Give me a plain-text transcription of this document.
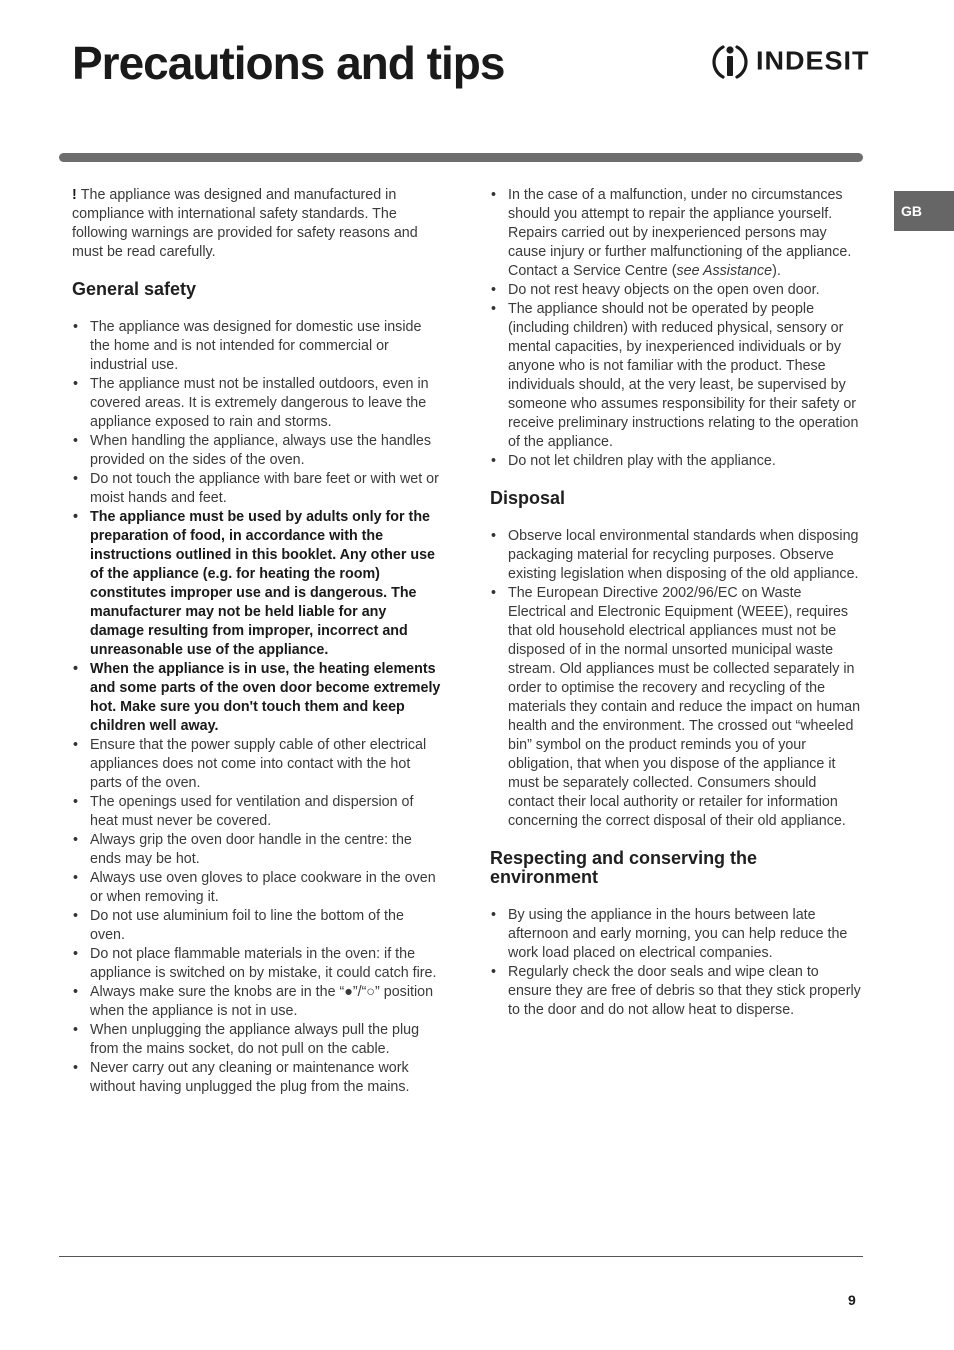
Precautions and tips	INDESIT
GB

! The appliance was designed and manufactured in compliance with international safety standards. The following warnings are provided for safety reasons and must be read carefully.

General safety
• The appliance was designed for domestic use inside the home and is not intended for commercial or industrial use.
• The appliance must not be installed outdoors, even in covered areas. It is extremely dangerous to leave the appliance exposed to rain and storms.
• When handling the appliance, always use the handles provided on the sides of the oven.
• Do not touch the appliance with bare feet or with wet or moist hands and feet.
• The appliance must be used by adults only for the preparation of food, in accordance with the instructions outlined in this booklet. Any other use of the appliance (e.g. for heating the room) constitutes improper use and is dangerous. The manufacturer may not be held liable for any damage resulting from improper, incorrect and unreasonable use of the appliance.
• When the appliance is in use, the heating elements and some parts of the oven door become extremely hot. Make sure you don't touch them and keep children well away.
• Ensure that the power supply cable of other electrical appliances does not come into contact with the hot parts of the oven.
• The openings used for ventilation and dispersion of heat must never be covered.
• Always grip the oven door handle in the centre: the ends may be hot.
• Always use oven gloves to place cookware in the oven or when removing it.
• Do not use aluminium foil to line the bottom of the oven.
• Do not place flammable materials in the oven: if the appliance is switched on by mistake, it could catch fire.
• Always make sure the knobs are in the “●”/“○” position when the appliance is not in use.
• When unplugging the appliance always pull the plug from the mains socket, do not pull on the cable.
• Never carry out any cleaning or maintenance work without having unplugged the plug from the mains.
• In the case of a malfunction, under no circumstances should you attempt to repair the appliance yourself. Repairs carried out by inexperienced persons may cause injury or further malfunctioning of the appliance. Contact a Service Centre (see Assistance).
• Do not rest heavy objects on the open oven door.
• The appliance should not be operated by people (including children) with reduced physical, sensory or mental capacities, by inexperienced individuals or by anyone who is not familiar with the product. These individuals should, at the very least, be supervised by someone who assumes responsibility for their safety or receive preliminary instructions relating to the operation of the appliance.
• Do not let children play with the appliance.
Disposal
• Observe local environmental standards when disposing packaging material for recycling purposes. Observe existing legislation when disposing of the old appliance.
• The European Directive 2002/96/EC on Waste Electrical and Electronic Equipment (WEEE), requires that old household electrical appliances must not be disposed of in the normal unsorted municipal waste stream. Old appliances must be collected separately in order to optimise the recovery and recycling of the materials they contain and reduce the impact on human health and the environment. The crossed out “wheeled bin” symbol on the product reminds you of your obligation, that when you dispose of the appliance it must be separately collected. Consumers should contact their local authority or retailer for information concerning the correct disposal of their old appliance.
Respecting and conserving the environment
• By using the appliance in the hours between late afternoon and early morning, you can help reduce the work load placed on electrical companies.
• Regularly check the door seals and wipe clean to ensure they are free of debris so that they stick properly to the door and do not allow heat to disperse.
9
